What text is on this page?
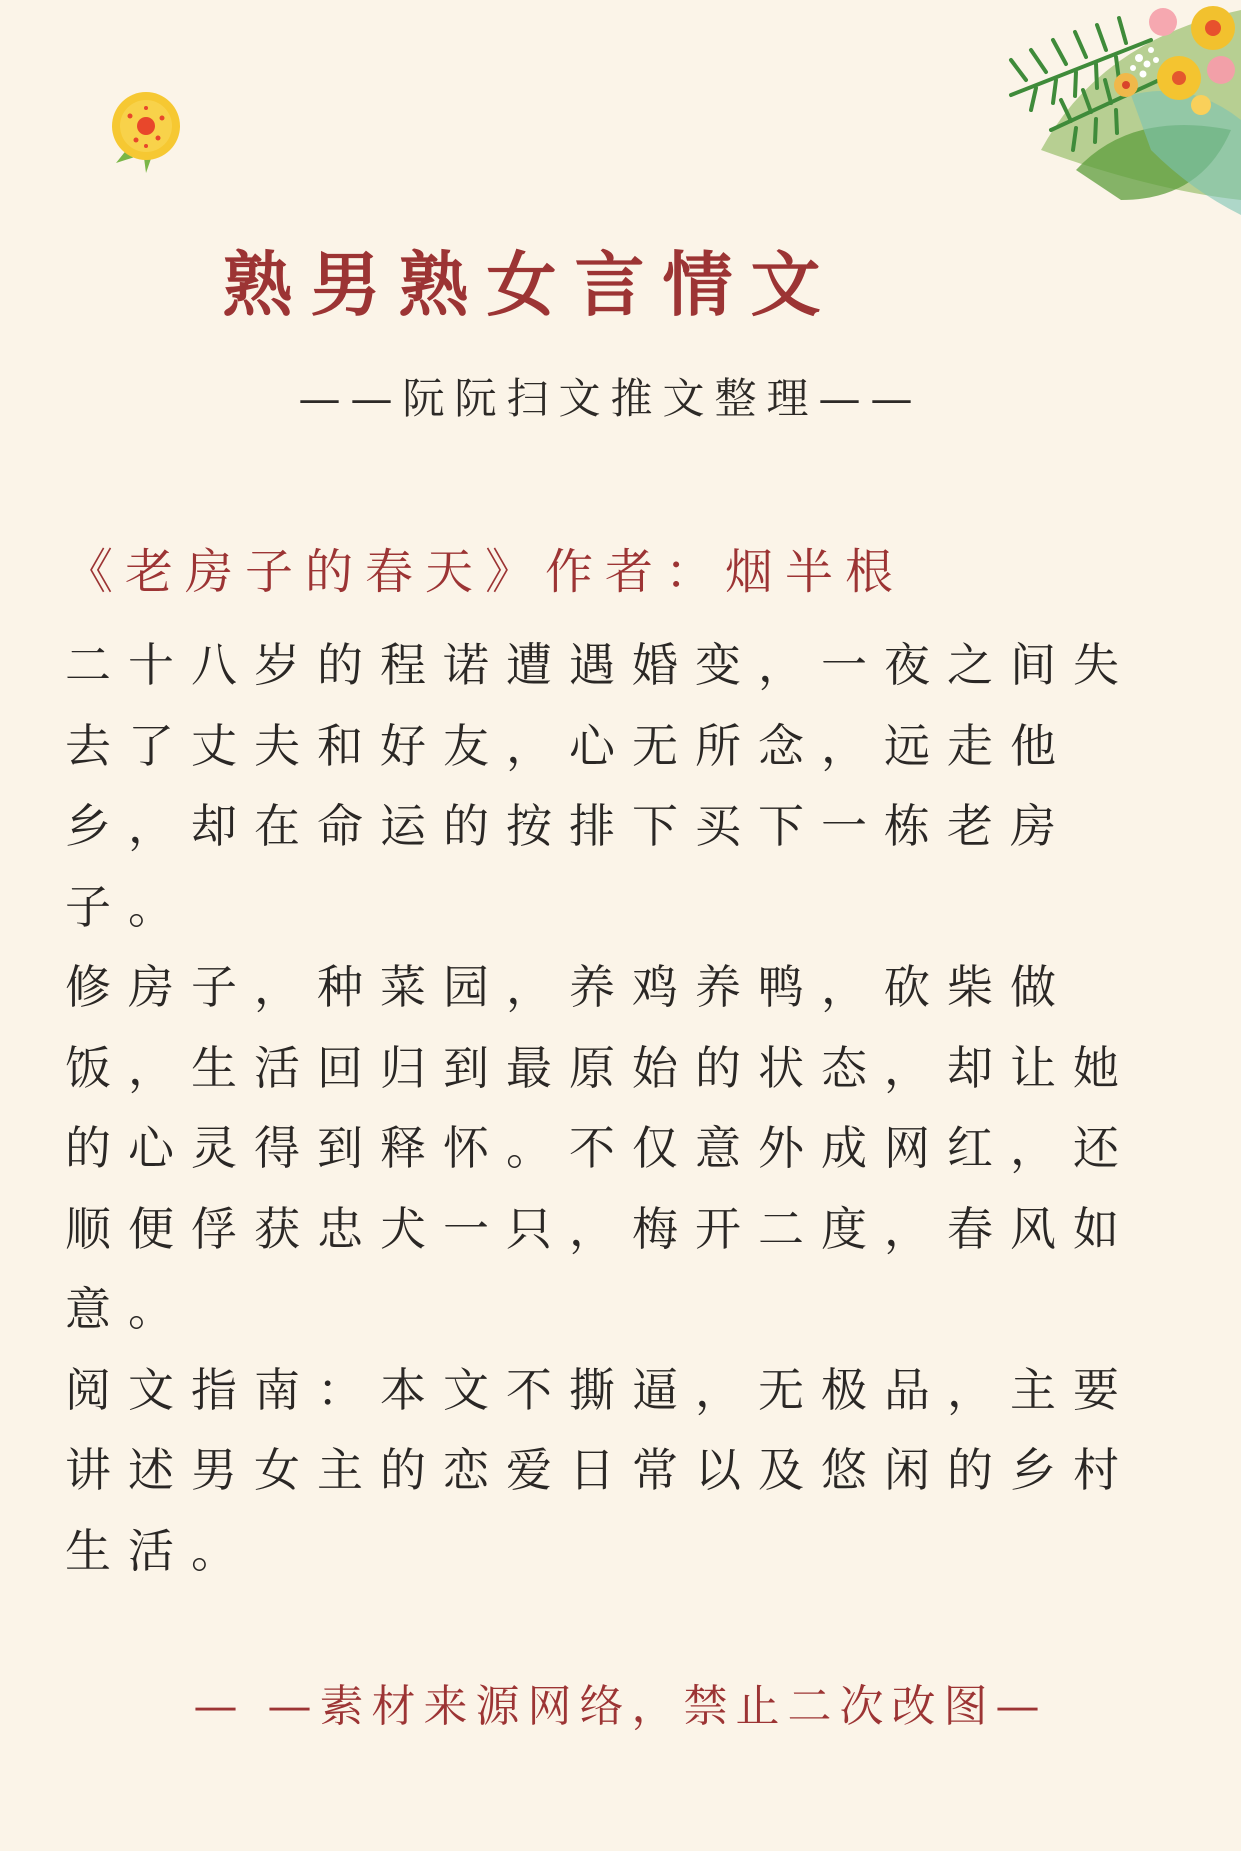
熟男熟女言情文
——阮阮扫文推文整理——
《老房子的春天》作者：烟半根

二十八岁的程诺遭遇婚变，一夜之间失去了丈夫和好友，心无所念，远走他乡，却在命运的按排下买下一栋老房子。

修房子，种菜园，养鸡养鸭，砍柴做饭，生活回归到最原始的状态，却让她的心灵得到释怀。不仅意外成网红，还顺便俘获忠犬一只，梅开二度，春风如意。

阅文指南：本文不撕逼，无极品，主要讲述男女主的恋爱日常以及悠闲的乡村生活。

— —素材来源网络，禁止二次改图—
